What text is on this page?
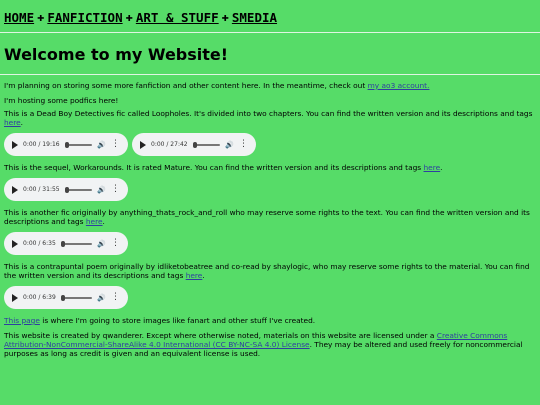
HOME ✚ FANFICTION ✚ ART & STUFF ✚ SMEDIA
Welcome to my Website!

I'm planning on storing some more fanfiction and other content here. In the meantime, check out my ao3 account.

I'm hosting some podfics here!

This is a Dead Boy Detectives fic called Loopholes. It's divided into two chapters. You can find the written version and its descriptions and tags here.

0:00 / 19:16	🔊 ⋮	0:00 / 27:42	🔊 ⋮

This is the sequel, Workarounds. It is rated Mature. You can find the written version and its descriptions and tags here.

0:00 / 31:55	🔊 ⋮

This is another fic originally by anything_thats_rock_and_roll who may reserve some rights to the text. You can find the written version and its descriptions and tags here.

0:00 / 6:35	🔊 ⋮

This is a contrapuntal poem originally by idliketobeatree and co-read by shaylogic, who may reserve some rights to the material. You can find the written version and its descriptions and tags here.

0:00 / 6:39	🔊 ⋮

This page is where I'm going to store images like fanart and other stuff I've created.

This website is created by qwanderer. Except where otherwise noted, materials on this website are licensed under a Creative Commons Attribution-NonCommercial-ShareAlike 4.0 International (CC BY-NC-SA 4.0) License. They may be altered and used freely for noncommercial purposes as long as credit is given and an equivalent license is used.
